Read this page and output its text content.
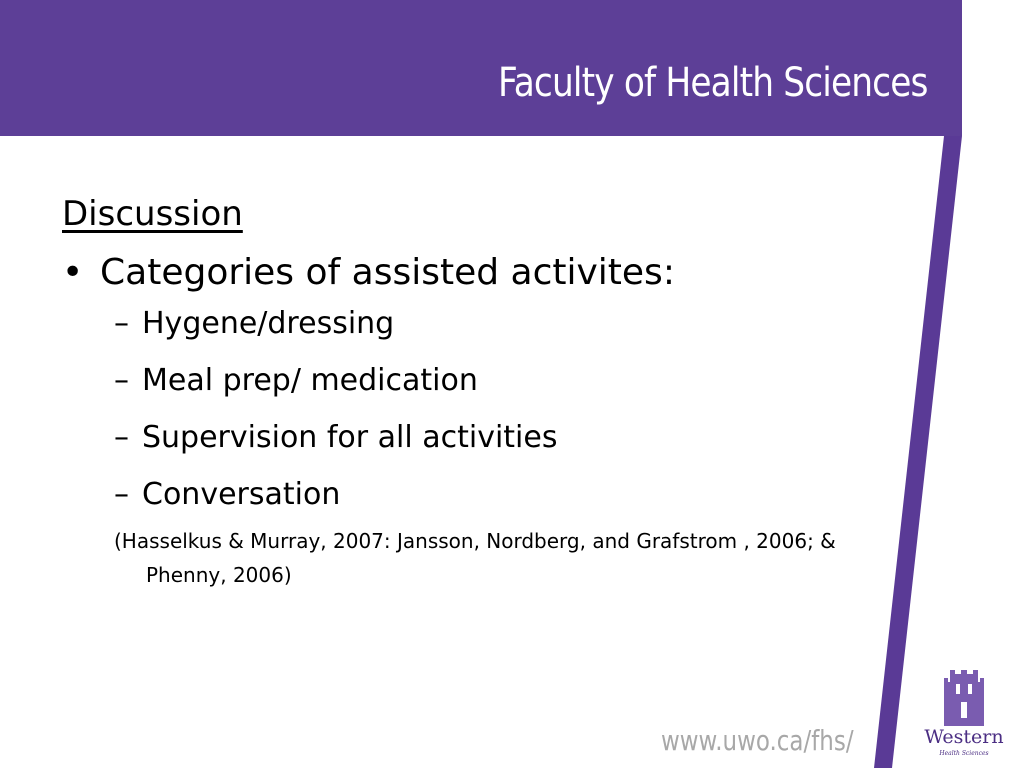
Faculty of Health Sciences

Discussion

• Categories of assisted activites:
– Hygene/dressing
– Meal prep/ medication
– Supervision for all activities
– Conversation

(Hasselkus & Murray, 2007: Jansson, Nordberg, and Grafstrom , 2006; & Phenny, 2006)

www.uwo.ca/fhs/	Western
Health Sciences
